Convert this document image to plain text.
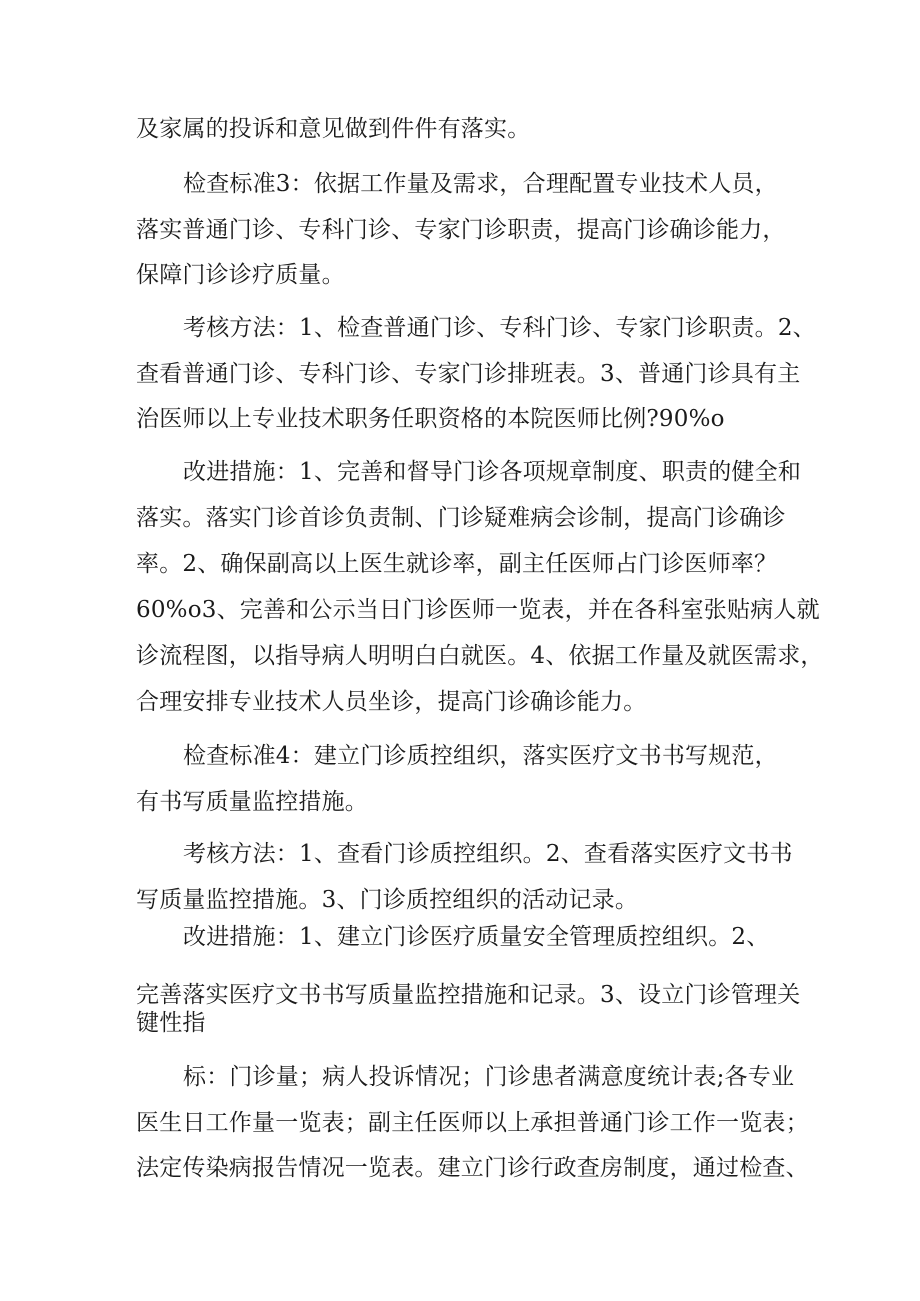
及家属的投诉和意见做到件件有落实。
检查标准3：依据工作量及需求，合理配置专业技术人员，
落实普通门诊、专科门诊、专家门诊职责，提高门诊确诊能力，
保障门诊诊疗质量。
考核方法：1、检查普通门诊、专科门诊、专家门诊职责。2、
查看普通门诊、专科门诊、专家门诊排班表。3、普通门诊具有主
治医师以上专业技术职务任职资格的本院医师比例?90%o
改进措施：1、完善和督导门诊各项规章制度、职责的健全和
落实。落实门诊首诊负责制、门诊疑难病会诊制，提高门诊确诊
率。2、确保副高以上医生就诊率，副主任医师占门诊医师率？
60%o3、完善和公示当日门诊医师一览表，并在各科室张贴病人就
诊流程图，以指导病人明明白白就医。4、依据工作量及就医需求，
合理安排专业技术人员坐诊，提高门诊确诊能力。
检查标准4：建立门诊质控组织，落实医疗文书书写规范，
有书写质量监控措施。
考核方法：1、查看门诊质控组织。2、查看落实医疗文书书
写质量监控措施。3、门诊质控组织的活动记录。
改进措施：1、建立门诊医疗质量安全管理质控组织。2、
完善落实医疗文书书写质量监控措施和记录。3、设立门诊管理关
键性指
标：门诊量；病人投诉情况；门诊患者满意度统计表;各专业
医生日工作量一览表；副主任医师以上承担普通门诊工作一览表；
法定传染病报告情况一览表。建立门诊行政查房制度，通过检查、
